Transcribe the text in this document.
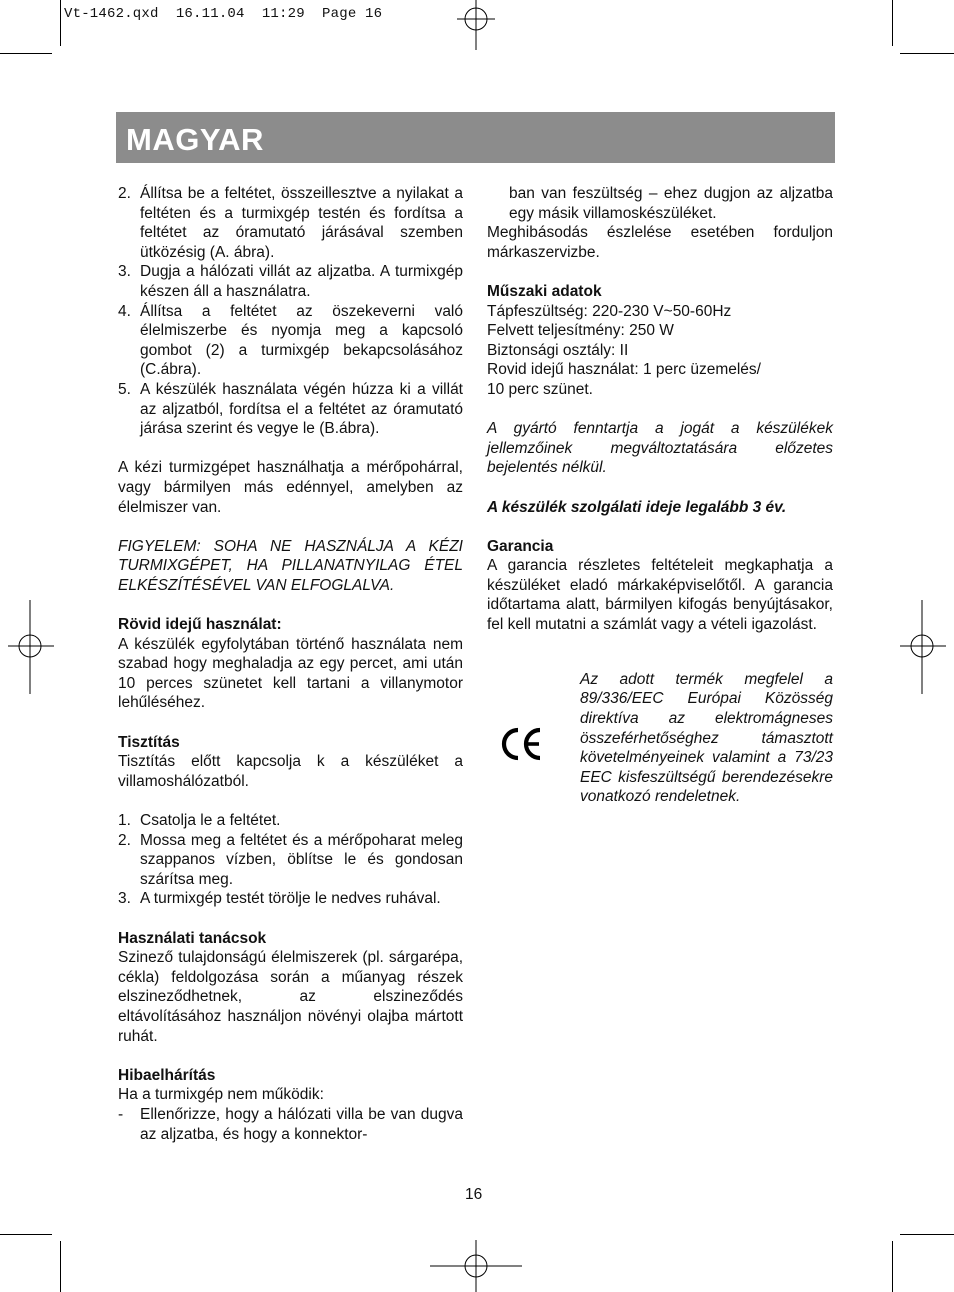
Vt-1462.qxd  16.11.04  11:29  Page 16
MAGYAR
2. Állítsa be a feltétet, összeillesztve a nyilakat a feltéten és a turmixgép testén és fordítsa a feltétet az óramutató járásával szemben ütközésig (A. ábra).
3. Dugja a hálózati villát az aljzatba. A turmixgép készen áll a használatra.
4. Állítsa a feltétet az öszekeverni való élelmiszerbe és nyomja meg a kapcsoló gombot (2) a turmixgép bekapcsolásához (C.ábra).
5. A készülék használata végén húzza ki a villát az aljzatból, fordítsa el a feltétet az óramutató járása szerint és vegye le (B.ábra).

A kézi turmizgépet használhatja a mérőpohárral, vagy bármilyen más edénnyel, amelyben az élelmiszer van.

FIGYELEM: SOHA NE HASZNÁLJA A KÉZI TURMIXGÉPET, HA PILLANATNYILAG ÉTEL ELKÉSZÍTÉSÉVEL VAN ELFOGLALVA.

Rövid idejű használat:

A készülék egyfolytában történő használata nem szabad hogy meghaladja az egy percet, ami után 10 perces szünetet kell tartani a villanymotor lehűléséhez.

Tisztítás

Tisztítás előtt kapcsolja k a készüléket a villamoshálózatból.

1. Csatolja le a feltétet.
2. Mossa meg a feltétet és a mérőpoharat meleg szappanos vízben, öblítse le és gondosan szárítsa meg.
3. A turmixgép testét törölje le nedves ruhával.

Használati tanácsok

Szinező tulajdonságú élelmiszerek (pl. sárgarépa, cékla) feldolgozása során a műanyag részek elszineződhetnek, az elszineződés eltávolításához használjon növényi olajba mártott ruhát.

Hibaelhárítás

Ha a turmixgép nem működik:

- Ellenőrizze, hogy a hálózati villa be van dugva az aljzatba, és hogy a konnektor-
ban van feszültség – ehez dugjon az aljzatba egy másik villamoskészüléket.

Meghibásodás észlelése esetében forduljon márkaszervizbe.

Műszaki adatok

Tápfeszültség: 220-230 V~50-60Hz
Felvett teljesítmény: 250 W
Biztonsági osztály: II
Rovid idejű használat: 1 perc üzemelés/
10 perc szünet.

A gyártó fenntartja a jogát a készülékek jellemzőinek megváltoztatására előzetes bejelentés nélkül.

A készülék szolgálati ideje legalább 3 év.

Garancia

A garancia részletes feltételeit megkaphatja a készüléket eladó márkaképviselőtől. A garancia időtartama alatt, bármilyen kifogás benyújtásakor, fel kell mutatni a számlát vagy a vételi igazolást.

Az adott termék megfelel a 89/336/EEC Európai Közösség direktíva az elektromágneses összeférhetőséghez támasztott követelményeinek valamint a 73/23 EEC kisfeszültségű berendezésekre vonatkozó rendeletnek.

16
